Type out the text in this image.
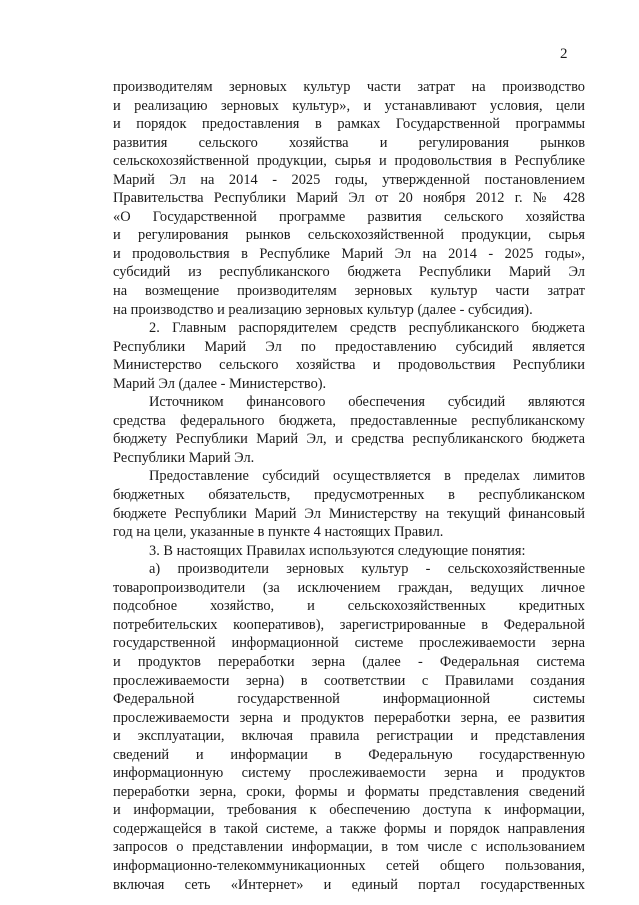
2
производителям зерновых культур части затрат на производство
и реализацию зерновых культур», и устанавливают условия, цели
и порядок предоставления в рамках Государственной программы
развития сельского хозяйства и регулирования рынков
сельскохозяйственной продукции, сырья и продовольствия в Республике
Марий Эл на 2014 - 2025 годы, утвержденной постановлением
Правительства Республики Марий Эл от 20 ноября 2012 г. № 428
«О Государственной программе развития сельского хозяйства
и регулирования рынков сельскохозяйственной продукции, сырья
и продовольствия в Республике Марий Эл на 2014 - 2025 годы»,
субсидий из республиканского бюджета Республики Марий Эл
на возмещение производителям зерновых культур части затрат
на производство и реализацию зерновых культур (далее - субсидия).
2. Главным распорядителем средств республиканского бюджета
Республики Марий Эл по предоставлению субсидий является
Министерство сельского хозяйства и продовольствия Республики
Марий Эл (далее - Министерство).
Источником финансового обеспечения субсидий являются
средства федерального бюджета, предоставленные республиканскому
бюджету Республики Марий Эл, и средства республиканского бюджета
Республики Марий Эл.
Предоставление субсидий осуществляется в пределах лимитов
бюджетных обязательств, предусмотренных в республиканском
бюджете Республики Марий Эл Министерству на текущий финансовый
год на цели, указанные в пункте 4 настоящих Правил.
3. В настоящих Правилах используются следующие понятия:
а) производители зерновых культур - сельскохозяйственные
товаропроизводители (за исключением граждан, ведущих личное
подсобное хозяйство, и сельскохозяйственных кредитных
потребительских кооперативов), зарегистрированные в Федеральной
государственной информационной системе прослеживаемости зерна
и продуктов переработки зерна (далее - Федеральная система
прослеживаемости зерна) в соответствии с Правилами создания
Федеральной государственной информационной системы
прослеживаемости зерна и продуктов переработки зерна, ее развития
и эксплуатации, включая правила регистрации и представления
сведений и информации в Федеральную государственную
информационную систему прослеживаемости зерна и продуктов
переработки зерна, сроки, формы и форматы представления сведений
и информации, требования к обеспечению доступа к информации,
содержащейся в такой системе, а также формы и порядок направления
запросов о представлении информации, в том числе с использованием
информационно-телекоммуникационных сетей общего пользования,
включая сеть «Интернет» и единый портал государственных
